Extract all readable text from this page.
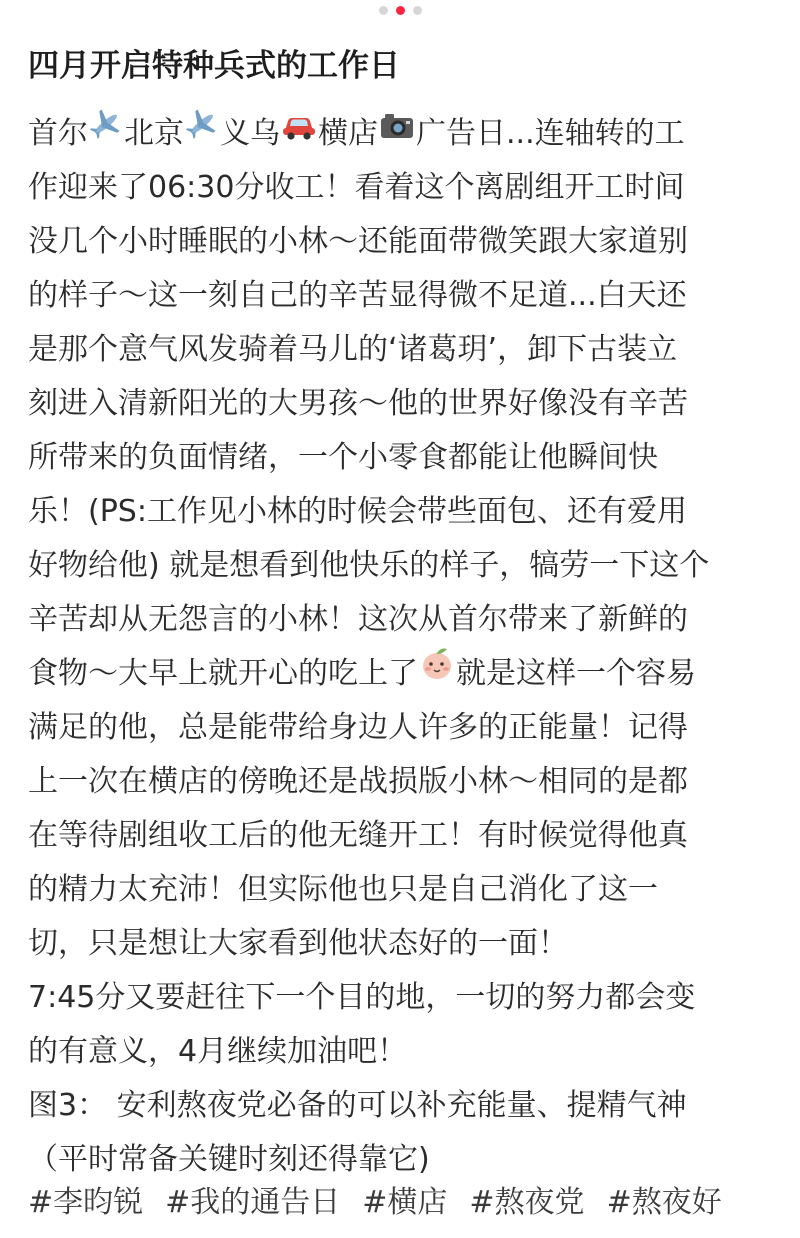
四月开启特种兵式的工作日
首尔 北京 义乌 横店 广告日...连轴转的工
作迎来了06:30分收工！看着这个离剧组开工时间
没几个小时睡眠的小林～还能面带微笑跟大家道别
的样子～这一刻自己的辛苦显得微不足道...白天还
是那个意气风发骑着马儿的‘诸葛玥’，卸下古装立
刻进入清新阳光的大男孩～他的世界好像没有辛苦
所带来的负面情绪，一个小零食都能让他瞬间快
乐！(PS:工作见小林的时候会带些面包、还有爱用
好物给他) 就是想看到他快乐的样子，犒劳一下这个
辛苦却从无怨言的小林！这次从首尔带来了新鲜的
食物～大早上就开心的吃上了 就是这样一个容易
满足的他，总是能带给身边人许多的正能量！记得
上一次在横店的傍晚还是战损版小林～相同的是都
在等待剧组收工后的他无缝开工！有时候觉得他真
的精力太充沛！但实际他也只是自己消化了这一
切，只是想让大家看到他状态好的一面！
7:45分又要赶往下一个目的地，一切的努力都会变
的有意义，4月继续加油吧！
图3： 安利熬夜党必备的可以补充能量、提精气神
（平时常备关键时刻还得靠它)
#李昀锐 #我的通告日 #横店 #熬夜党 #熬夜好
